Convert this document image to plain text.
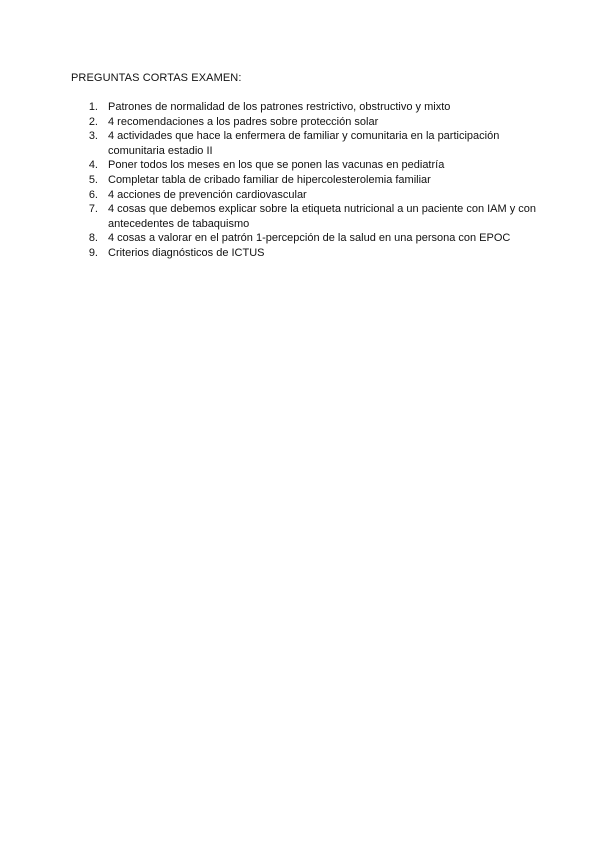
PREGUNTAS CORTAS EXAMEN:
1. Patrones de normalidad de los patrones restrictivo, obstructivo y mixto
2. 4 recomendaciones a los padres sobre protección solar
3. 4 actividades que hace la enfermera de familiar y comunitaria en la participación comunitaria estadio II
4. Poner todos los meses en los que se ponen las vacunas en pediatría
5. Completar tabla de cribado familiar de hipercolesterolemia familiar
6. 4 acciones de prevención cardiovascular
7. 4 cosas que debemos explicar sobre la etiqueta nutricional a un paciente con IAM y con antecedentes de tabaquismo
8. 4 cosas a valorar en el patrón 1-percepción de la salud en una persona con EPOC
9. Criterios diagnósticos de ICTUS
